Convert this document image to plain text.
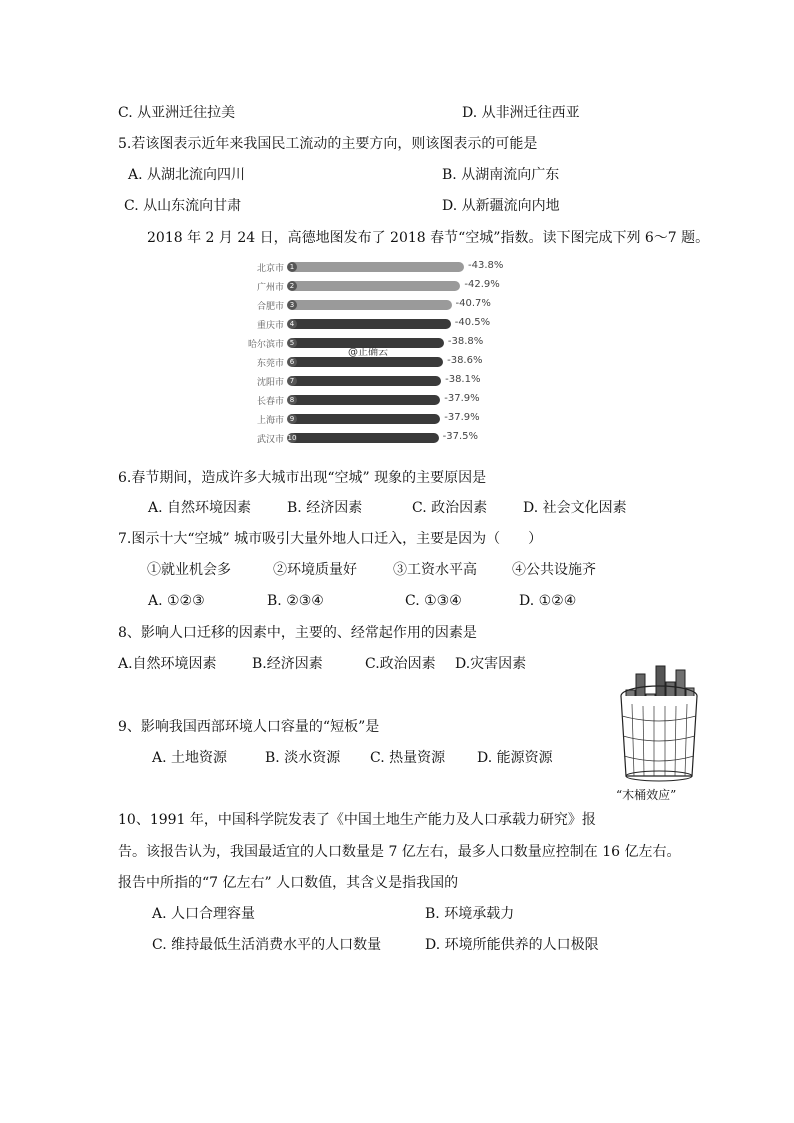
C. 从亚洲迁往拉美	D. 从非洲迁往西亚
5.若该图表示近年来我国民工流动的主要方向，则该图表示的可能是
A. 从湖北流向四川	B. 从湖南流向广东
C. 从山东流向甘肃	D. 从新疆流向内地
2018 年 2 月 24 日，高德地图发布了 2018 春节“空城”指数。读下图完成下列 6～7 题。
北京市 1	-43.8%
广州市 2	-42.9%
合肥市 3	-40.7%
重庆市 4	-40.5%
哈尔滨市 5	-38.8%
东莞市 6	-38.6%
沈阳市 7	-38.1%
长春市 8	-37.9%
上海市 9	-37.9%
武汉市 10	-37.5%
@正确云
6.春节期间，造成许多大城市出现“空城” 现象的主要原因是
A. 自然环境因素	B. 经济因素	C. 政治因素	D. 社会文化因素
7.图示十大“空城” 城市吸引大量外地人口迁入，主要是因为（　　）
①就业机会多	②环境质量好	③工资水平高	④公共设施齐
A. ①②③	B. ②③④	C. ①③④	D. ①②④
8、影响人口迁移的因素中，主要的、经常起作用的因素是
A.自然环境因素	B.经济因素	C.政治因素 D.灾害因素
“木桶效应”
9、影响我国西部环境人口容量的“短板”是
A. 土地资源	B. 淡水资源 C. 热量资源 D. 能源资源
10、1991 年，中国科学院发表了《中国土地生产能力及人口承载力研究》报
告。该报告认为，我国最适宜的人口数量是 7 亿左右，最多人口数量应控制在 16 亿左右。
报告中所指的“7 亿左右” 人口数值，其含义是指我国的
A. 人口合理容量	B. 环境承载力
C. 维持最低生活消费水平的人口数量	D. 环境所能供养的人口极限
